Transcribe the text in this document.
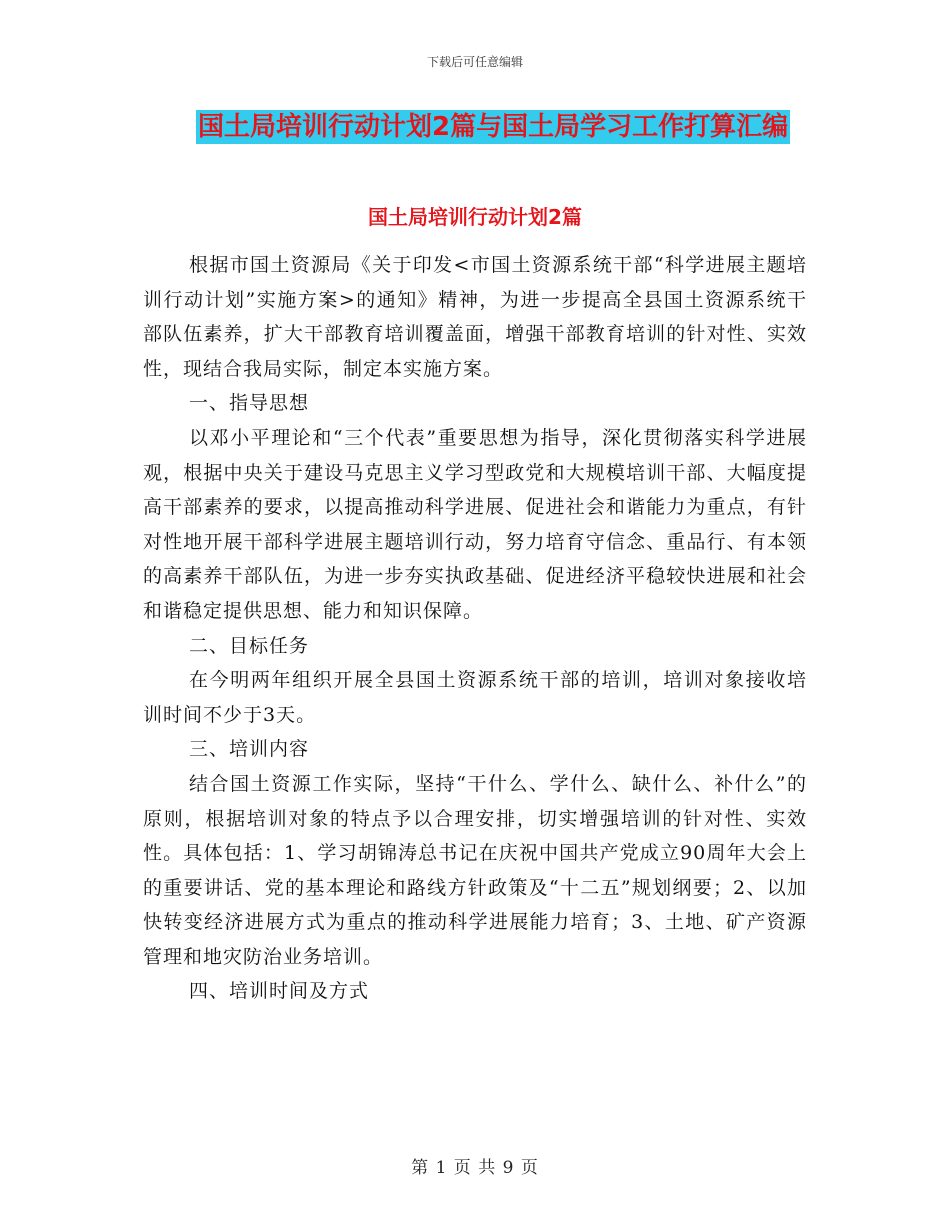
下载后可任意编辑
国土局培训行动计划2篇与国土局学习工作打算汇编
国土局培训行动计划2篇

根据市国土资源局《关于印发<市国土资源系统干部“科学进展主题培训行动计划”实施方案>的通知》精神，为进一步提高全县国土资源系统干部队伍素养，扩大干部教育培训覆盖面，增强干部教育培训的针对性、实效性，现结合我局实际，制定本实施方案。

一、指导思想

以邓小平理论和“三个代表”重要思想为指导，深化贯彻落实科学进展观，根据中央关于建设马克思主义学习型政党和大规模培训干部、大幅度提高干部素养的要求，以提高推动科学进展、促进社会和谐能力为重点，有针对性地开展干部科学进展主题培训行动，努力培育守信念、重品行、有本领的高素养干部队伍，为进一步夯实执政基础、促进经济平稳较快进展和社会和谐稳定提供思想、能力和知识保障。

二、目标任务

在今明两年组织开展全县国土资源系统干部的培训，培训对象接收培训时间不少于3天。

三、培训内容

结合国土资源工作实际，坚持“干什么、学什么、缺什么、补什么”的原则，根据培训对象的特点予以合理安排，切实增强培训的针对性、实效性。具体包括：1、学习胡锦涛总书记在庆祝中国共产党成立90周年大会上的重要讲话、党的基本理论和路线方针政策及“十二五”规划纲要；2、以加快转变经济进展方式为重点的推动科学进展能力培育；3、土地、矿产资源管理和地灾防治业务培训。

四、培训时间及方式

第 1 页 共 9 页
